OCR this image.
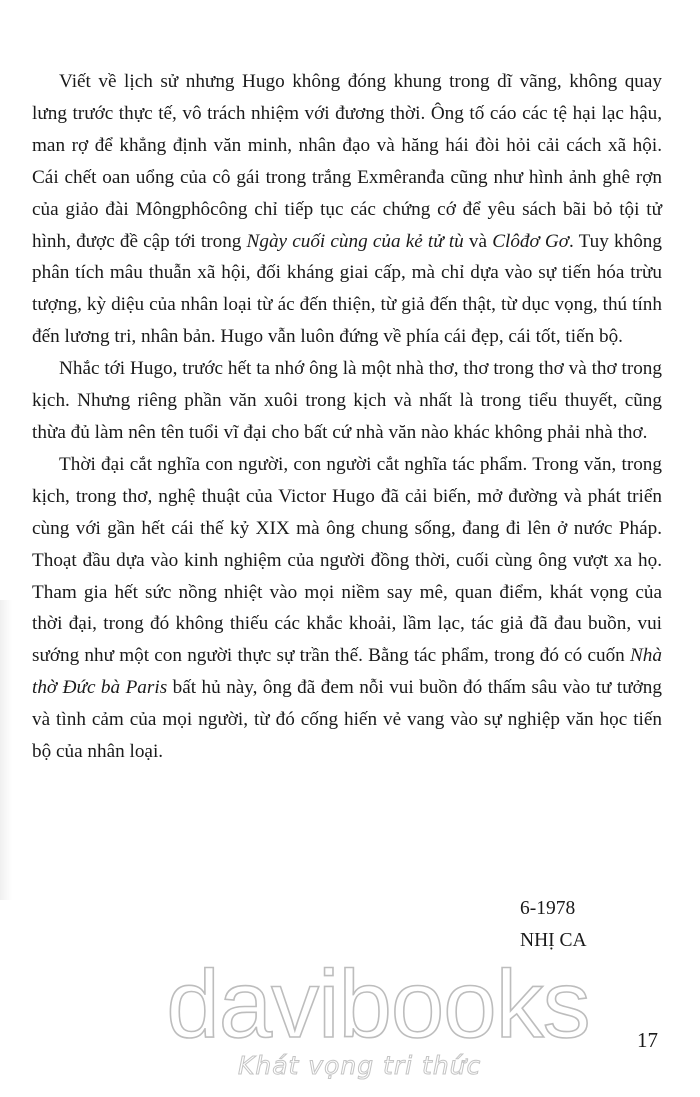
Viết về lịch sử nhưng Hugo không đóng khung trong dĩ vãng, không quay lưng trước thực tế, vô trách nhiệm với đương thời. Ông tố cáo các tệ hại lạc hậu, man rợ để khẳng định văn minh, nhân đạo và hăng hái đòi hỏi cải cách xã hội. Cái chết oan uổng của cô gái trong trắng Exmêranđa cũng như hình ảnh ghê rợn của giảo đài Môngphôcông chỉ tiếp tục các chứng cớ để yêu sách bãi bỏ tội tử hình, được đề cập tới trong Ngày cuối cùng của kẻ tử tù và Clôđơ Gơ. Tuy không phân tích mâu thuẫn xã hội, đối kháng giai cấp, mà chỉ dựa vào sự tiến hóa trừu tượng, kỳ diệu của nhân loại từ ác đến thiện, từ giả đến thật, từ dục vọng, thú tính đến lương tri, nhân bản. Hugo vẫn luôn đứng về phía cái đẹp, cái tốt, tiến bộ.

Nhắc tới Hugo, trước hết ta nhớ ông là một nhà thơ, thơ trong thơ và thơ trong kịch. Nhưng riêng phần văn xuôi trong kịch và nhất là trong tiểu thuyết, cũng thừa đủ làm nên tên tuổi vĩ đại cho bất cứ nhà văn nào khác không phải nhà thơ.

Thời đại cắt nghĩa con người, con người cắt nghĩa tác phẩm. Trong văn, trong kịch, trong thơ, nghệ thuật của Victor Hugo đã cải biến, mở đường và phát triển cùng với gần hết cái thế kỷ XIX mà ông chung sống, đang đi lên ở nước Pháp. Thoạt đầu dựa vào kinh nghiệm của người đồng thời, cuối cùng ông vượt xa họ. Tham gia hết sức nồng nhiệt vào mọi niềm say mê, quan điểm, khát vọng của thời đại, trong đó không thiếu các khắc khoải, lầm lạc, tác giả đã đau buồn, vui sướng như một con người thực sự trần thế. Bằng tác phẩm, trong đó có cuốn Nhà thờ Đức bà Paris bất hủ này, ông đã đem nỗi vui buồn đó thấm sâu vào tư tưởng và tình cảm của mọi người, từ đó cống hiến vẻ vang vào sự nghiệp văn học tiến bộ của nhân loại.

6-1978
NHỊ CA
davibooks
Khát vọng tri thức
17
